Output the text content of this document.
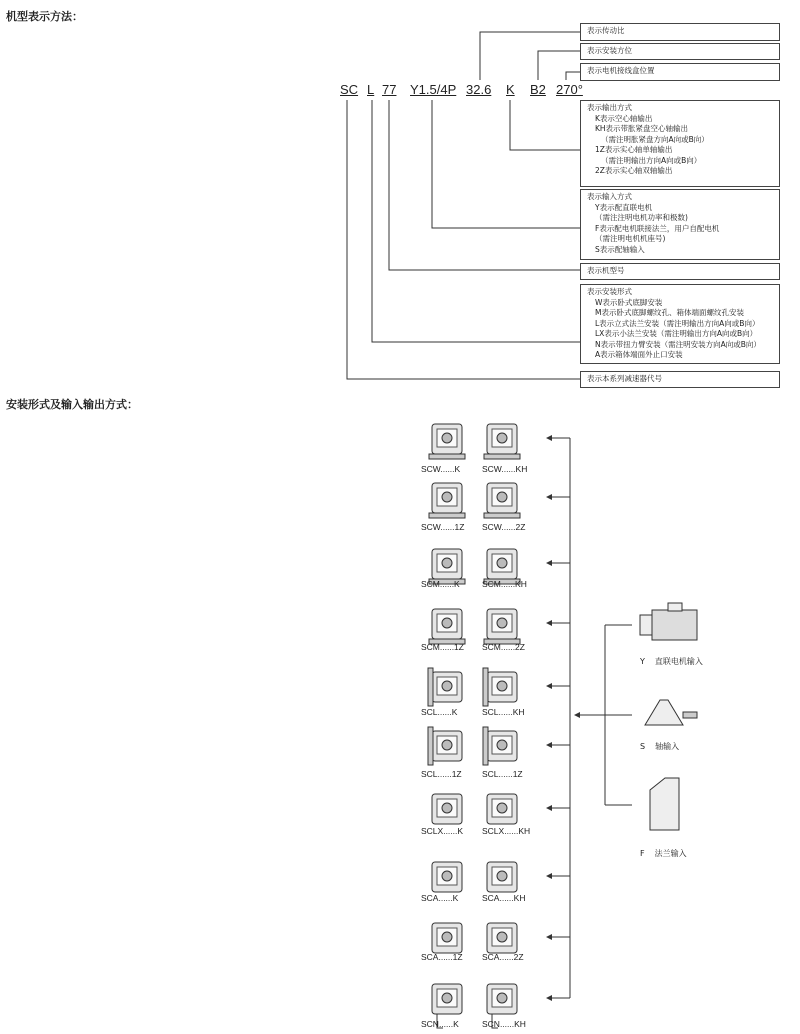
机型表示方法：
安装形式及输入输出方式：
SC L 77 Y1.5/4P 32.6 K B2 270°
表示传动比
表示安装方位
表示电机接线盒位置
表示输出方式
K表示空心轴输出
KH表示带胀紧盘空心轴输出
（需注明胀紧盘方向A向或B向）
1Z表示实心轴单轴输出
（需注明输出方向A向或B向）
2Z表示实心轴双轴输出
表示输入方式
Y表示配直联电机
（需注注明电机功率和极数)
F表示配电机联接法兰，用户自配电机
（需注明电机机座号)
S表示配轴输入
表示机型号
表示安装形式
W表示卧式底脚安装
M表示卧式底脚螺纹孔、箱体端面螺纹孔安装
L表示立式法兰安装（需注明输出方向A向或B向）
LX表示小法兰安装（需注明输出方向A向或B向）
N表示带扭力臂安装（需注明安装方向A向或B向）
A表示箱体端面外止口安装
表示本系列减速器代号
SCW......K	SCW......KH
SCW......1Z SCW......2Z
SCM......K	SCM......KH
SCM......1Z SCM......2Z
SCL......K	SCL......KH
SCL......1Z SCL......1Z
SCLX......K SCLX......KH
SCA......K	SCA......KH
SCA......1Z SCA......2Z
SCN......K	SCN......KH
Y 直联电机输入
S 轴输入
F 法兰输入
